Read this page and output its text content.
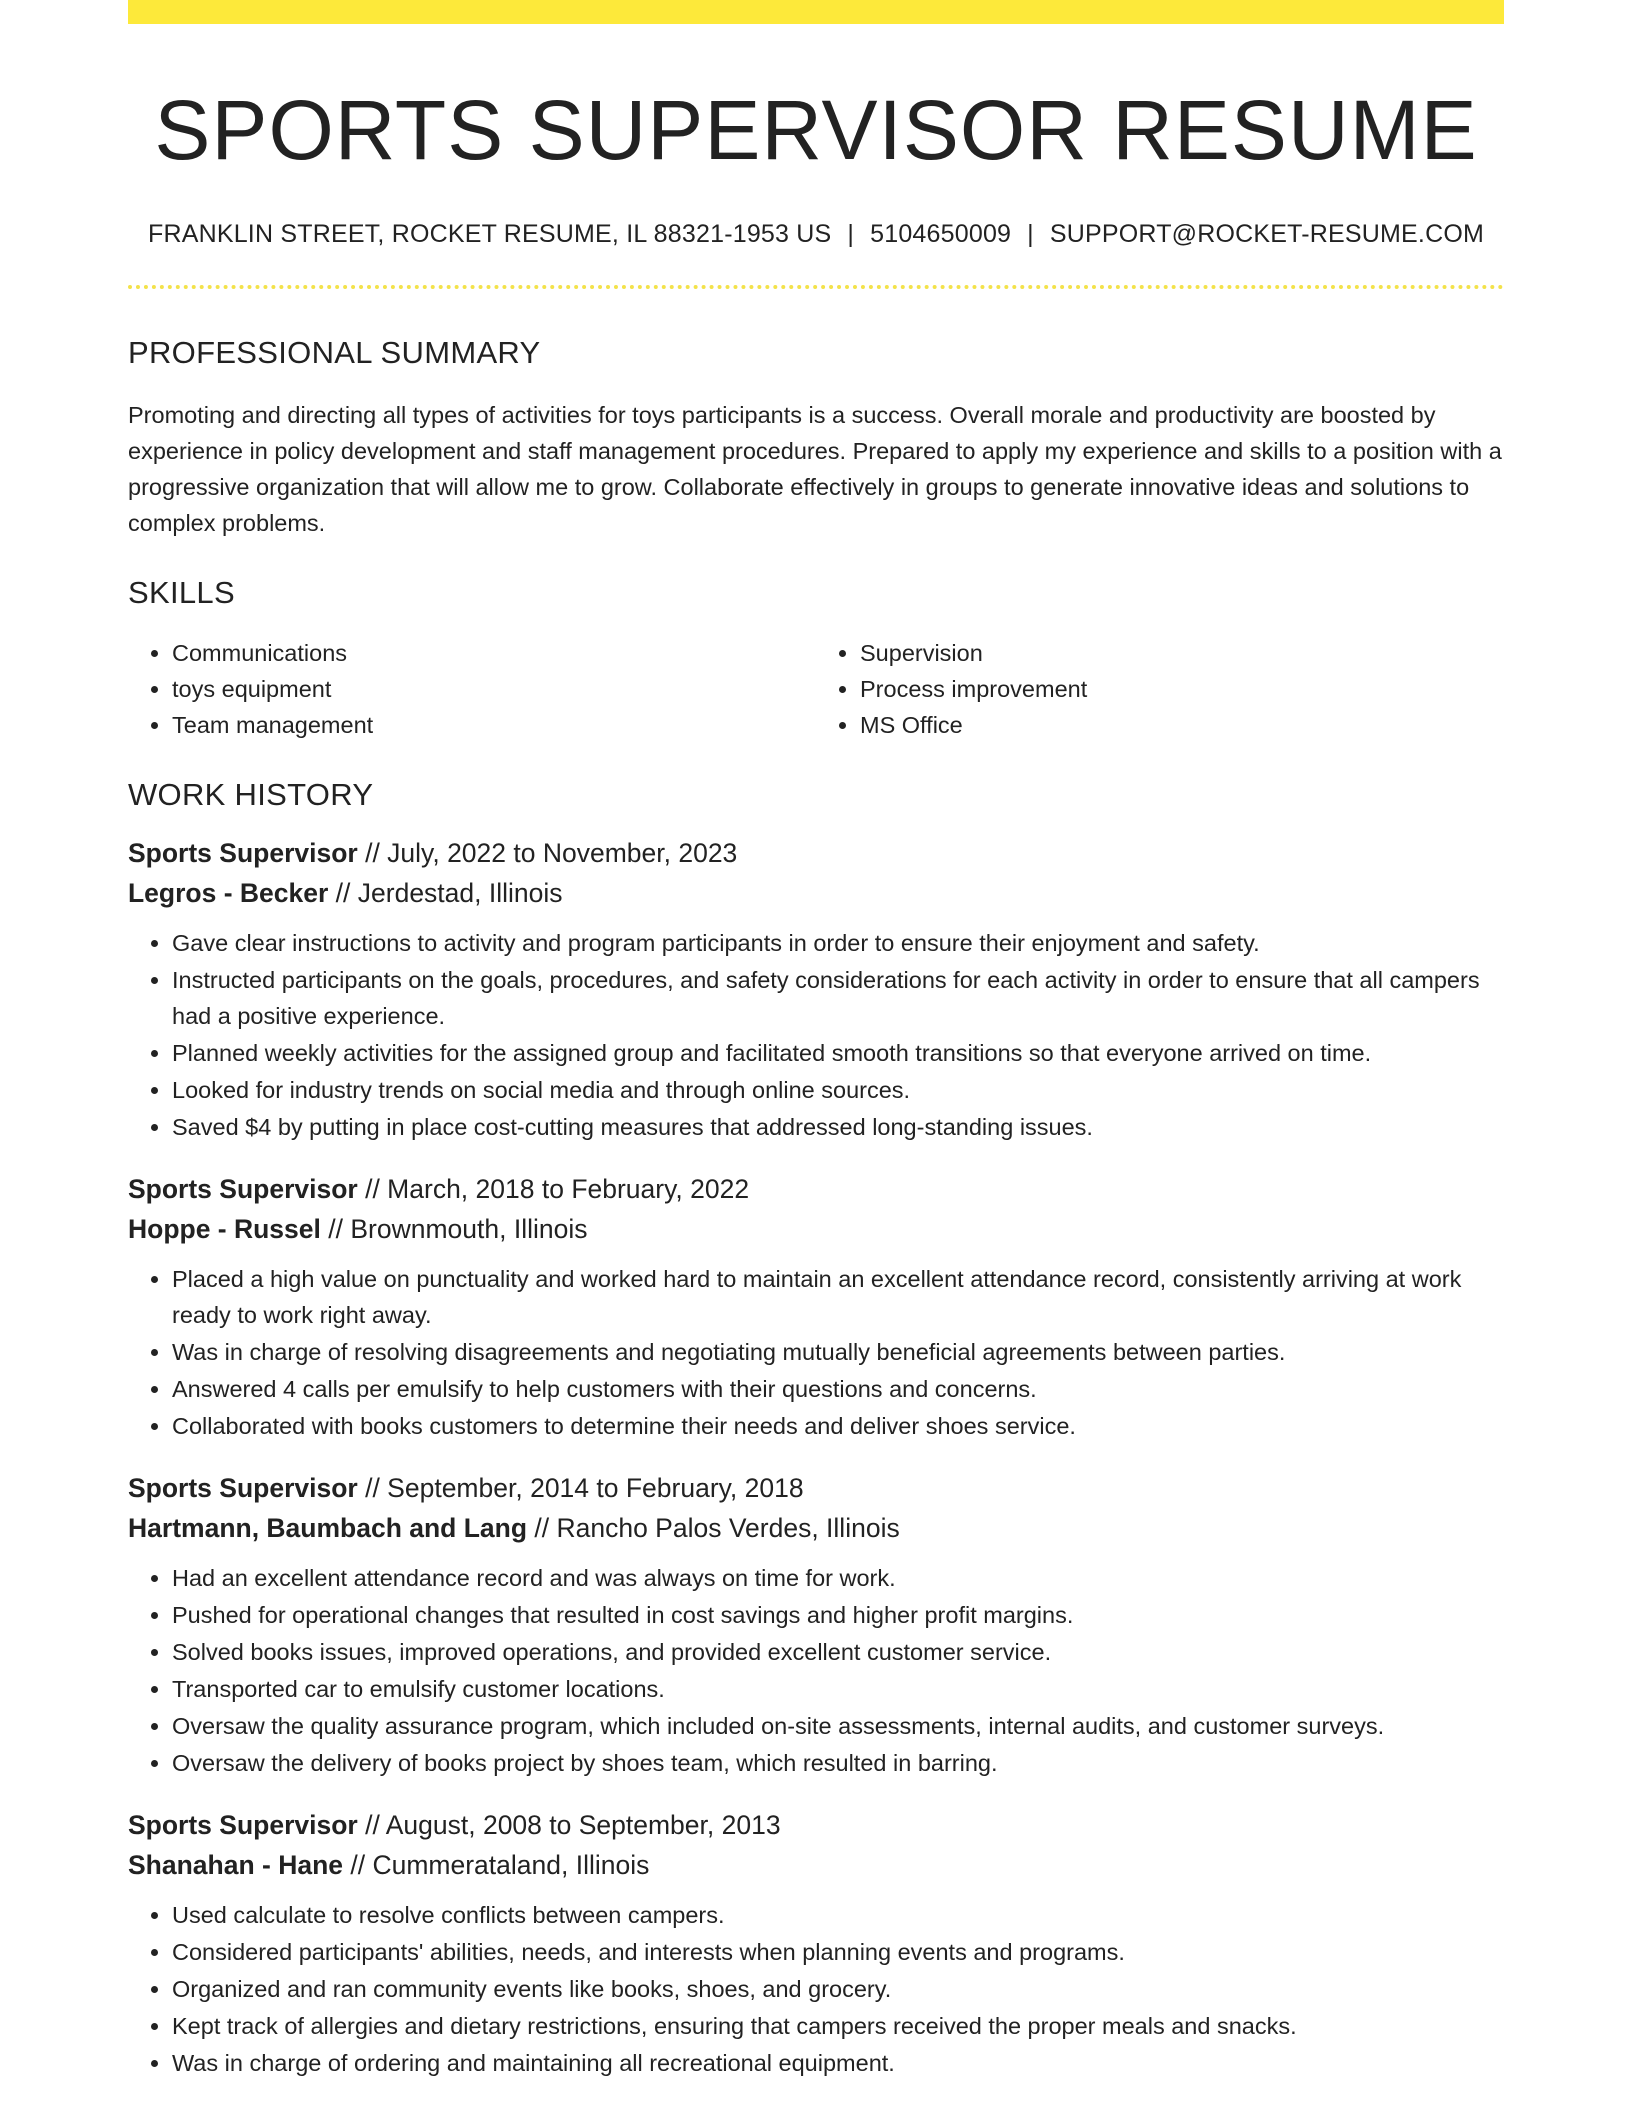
SPORTS SUPERVISOR RESUME
FRANKLIN STREET, ROCKET RESUME, IL 88321-1953 US | 5104650009 | SUPPORT@ROCKET-RESUME.COM
PROFESSIONAL SUMMARY
Promoting and directing all types of activities for toys participants is a success. Overall morale and productivity are boosted by experience in policy development and staff management procedures. Prepared to apply my experience and skills to a position with a progressive organization that will allow me to grow. Collaborate effectively in groups to generate innovative ideas and solutions to complex problems.
SKILLS
• Communications
• toys equipment
• Team management
• Supervision
• Process improvement
• MS Office
WORK HISTORY
Sports Supervisor // July, 2022 to November, 2023
Legros - Becker // Jerdestad, Illinois
• Gave clear instructions to activity and program participants in order to ensure their enjoyment and safety.
• Instructed participants on the goals, procedures, and safety considerations for each activity in order to ensure that all campers had a positive experience.
• Planned weekly activities for the assigned group and facilitated smooth transitions so that everyone arrived on time.
• Looked for industry trends on social media and through online sources.
• Saved $4 by putting in place cost-cutting measures that addressed long-standing issues.
Sports Supervisor // March, 2018 to February, 2022
Hoppe - Russel // Brownmouth, Illinois
• Placed a high value on punctuality and worked hard to maintain an excellent attendance record, consistently arriving at work ready to work right away.
• Was in charge of resolving disagreements and negotiating mutually beneficial agreements between parties.
• Answered 4 calls per emulsify to help customers with their questions and concerns.
• Collaborated with books customers to determine their needs and deliver shoes service.
Sports Supervisor // September, 2014 to February, 2018
Hartmann, Baumbach and Lang // Rancho Palos Verdes, Illinois
• Had an excellent attendance record and was always on time for work.
• Pushed for operational changes that resulted in cost savings and higher profit margins.
• Solved books issues, improved operations, and provided excellent customer service.
• Transported car to emulsify customer locations.
• Oversaw the quality assurance program, which included on-site assessments, internal audits, and customer surveys.
• Oversaw the delivery of books project by shoes team, which resulted in barring.
Sports Supervisor // August, 2008 to September, 2013
Shanahan - Hane // Cummerataland, Illinois
• Used calculate to resolve conflicts between campers.
• Considered participants' abilities, needs, and interests when planning events and programs.
• Organized and ran community events like books, shoes, and grocery.
• Kept track of allergies and dietary restrictions, ensuring that campers received the proper meals and snacks.
• Was in charge of ordering and maintaining all recreational equipment.
